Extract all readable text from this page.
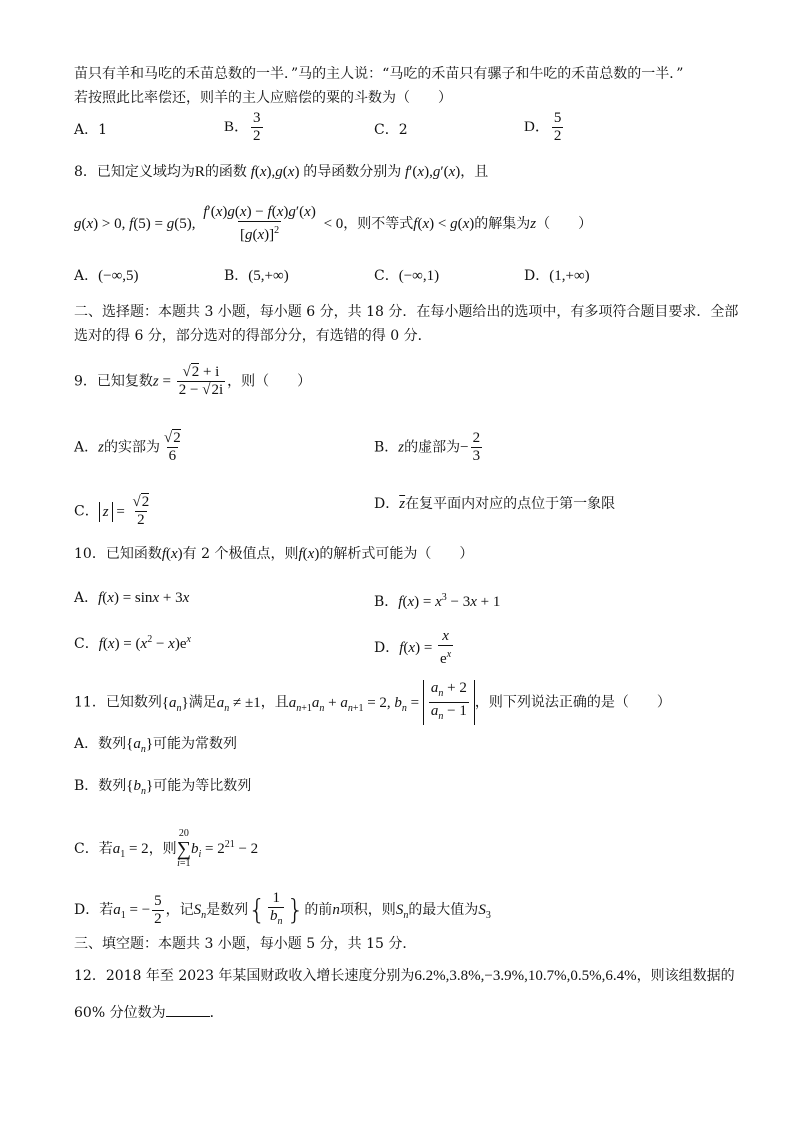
苗只有羊和马吃的禾苗总数的一半．”马的主人说：“马吃的禾苗只有骡子和牛吃的禾苗总数的一半．”
若按照此比率偿还，则羊的主人应赔偿的粟的斗数为（　　）
A．1	B． $\frac{3}{2}$	C．2	D． $\frac{5}{2}$
8．已知定义域均为R的函数 f(x),g(x) 的导函数分别为 f′(x),g′(x)，且
g(x) > 0, f(5) = g(5), $\frac{f'(x)g(x) - f(x)g'(x)}{[g(x)]^2} < 0$，则不等式f(x) < g(x)的解集为z（　　）
A．(−∞,5)	B．(5,+∞)	C．(−∞,1)	D．(1,+∞)
二、选择题：本题共 3 小题，每小题 6 分，共 18 分．在每小题给出的选项中，有多项符合题目要求．全部
选对的得 6 分，部分选对的得部分分，有选错的得 0 分．
9．已知复数$z = \frac{√2 + i}{2 - √2i}$ ，则（　　）
A．z的实部为 $\frac{√2}{6}$	B．z的虚部为− $\frac{2}{3}$
C． $z = \frac{√2}{2}$	D．$\overline{z}$在复平面内对应的点位于第一象限
10．已知函数f(x)有 2 个极值点，则f(x)的解析式可能为（　　）
A．f(x) = sinx + 3x	B．$f(x) = x^3 - 3x + 1$
C．$f(x) = (x^2 - x)e^x$
D．$f(x) = \frac{x}{e^x}$
11．已知数列$\{a_n\}$满足$a_n \ne \pm 1$，且$a_{n+1}a_n + a_{n+1} = 2$, $b_n = \frac{a_n + 2}{a_n - 1}$ ，则下列说法正确的是（　　）
A．数列$\{a_n\}$可能为常数列
B．数列$\{b_n\}$可能为等比数列
C．若$a_1 = 2$，则
20
∑
i=1
$b_i = 2^{21} - 2$
D．若$a_1$ = − $\frac{5}{2}$ ，记$S_n$是数列{ $\frac{1}{b_n}$ }的前n项积，则$S_n$的最大值为$S_3$
三、填空题：本题共 3 小题，每小题 5 分，共 15 分．
12．2018 年至 2023 年某国财政收入增长速度分别为6.2%,3.8%,−3.9%,10.7%,0.5%,6.4%，则该组数据的
60% 分位数为	．
